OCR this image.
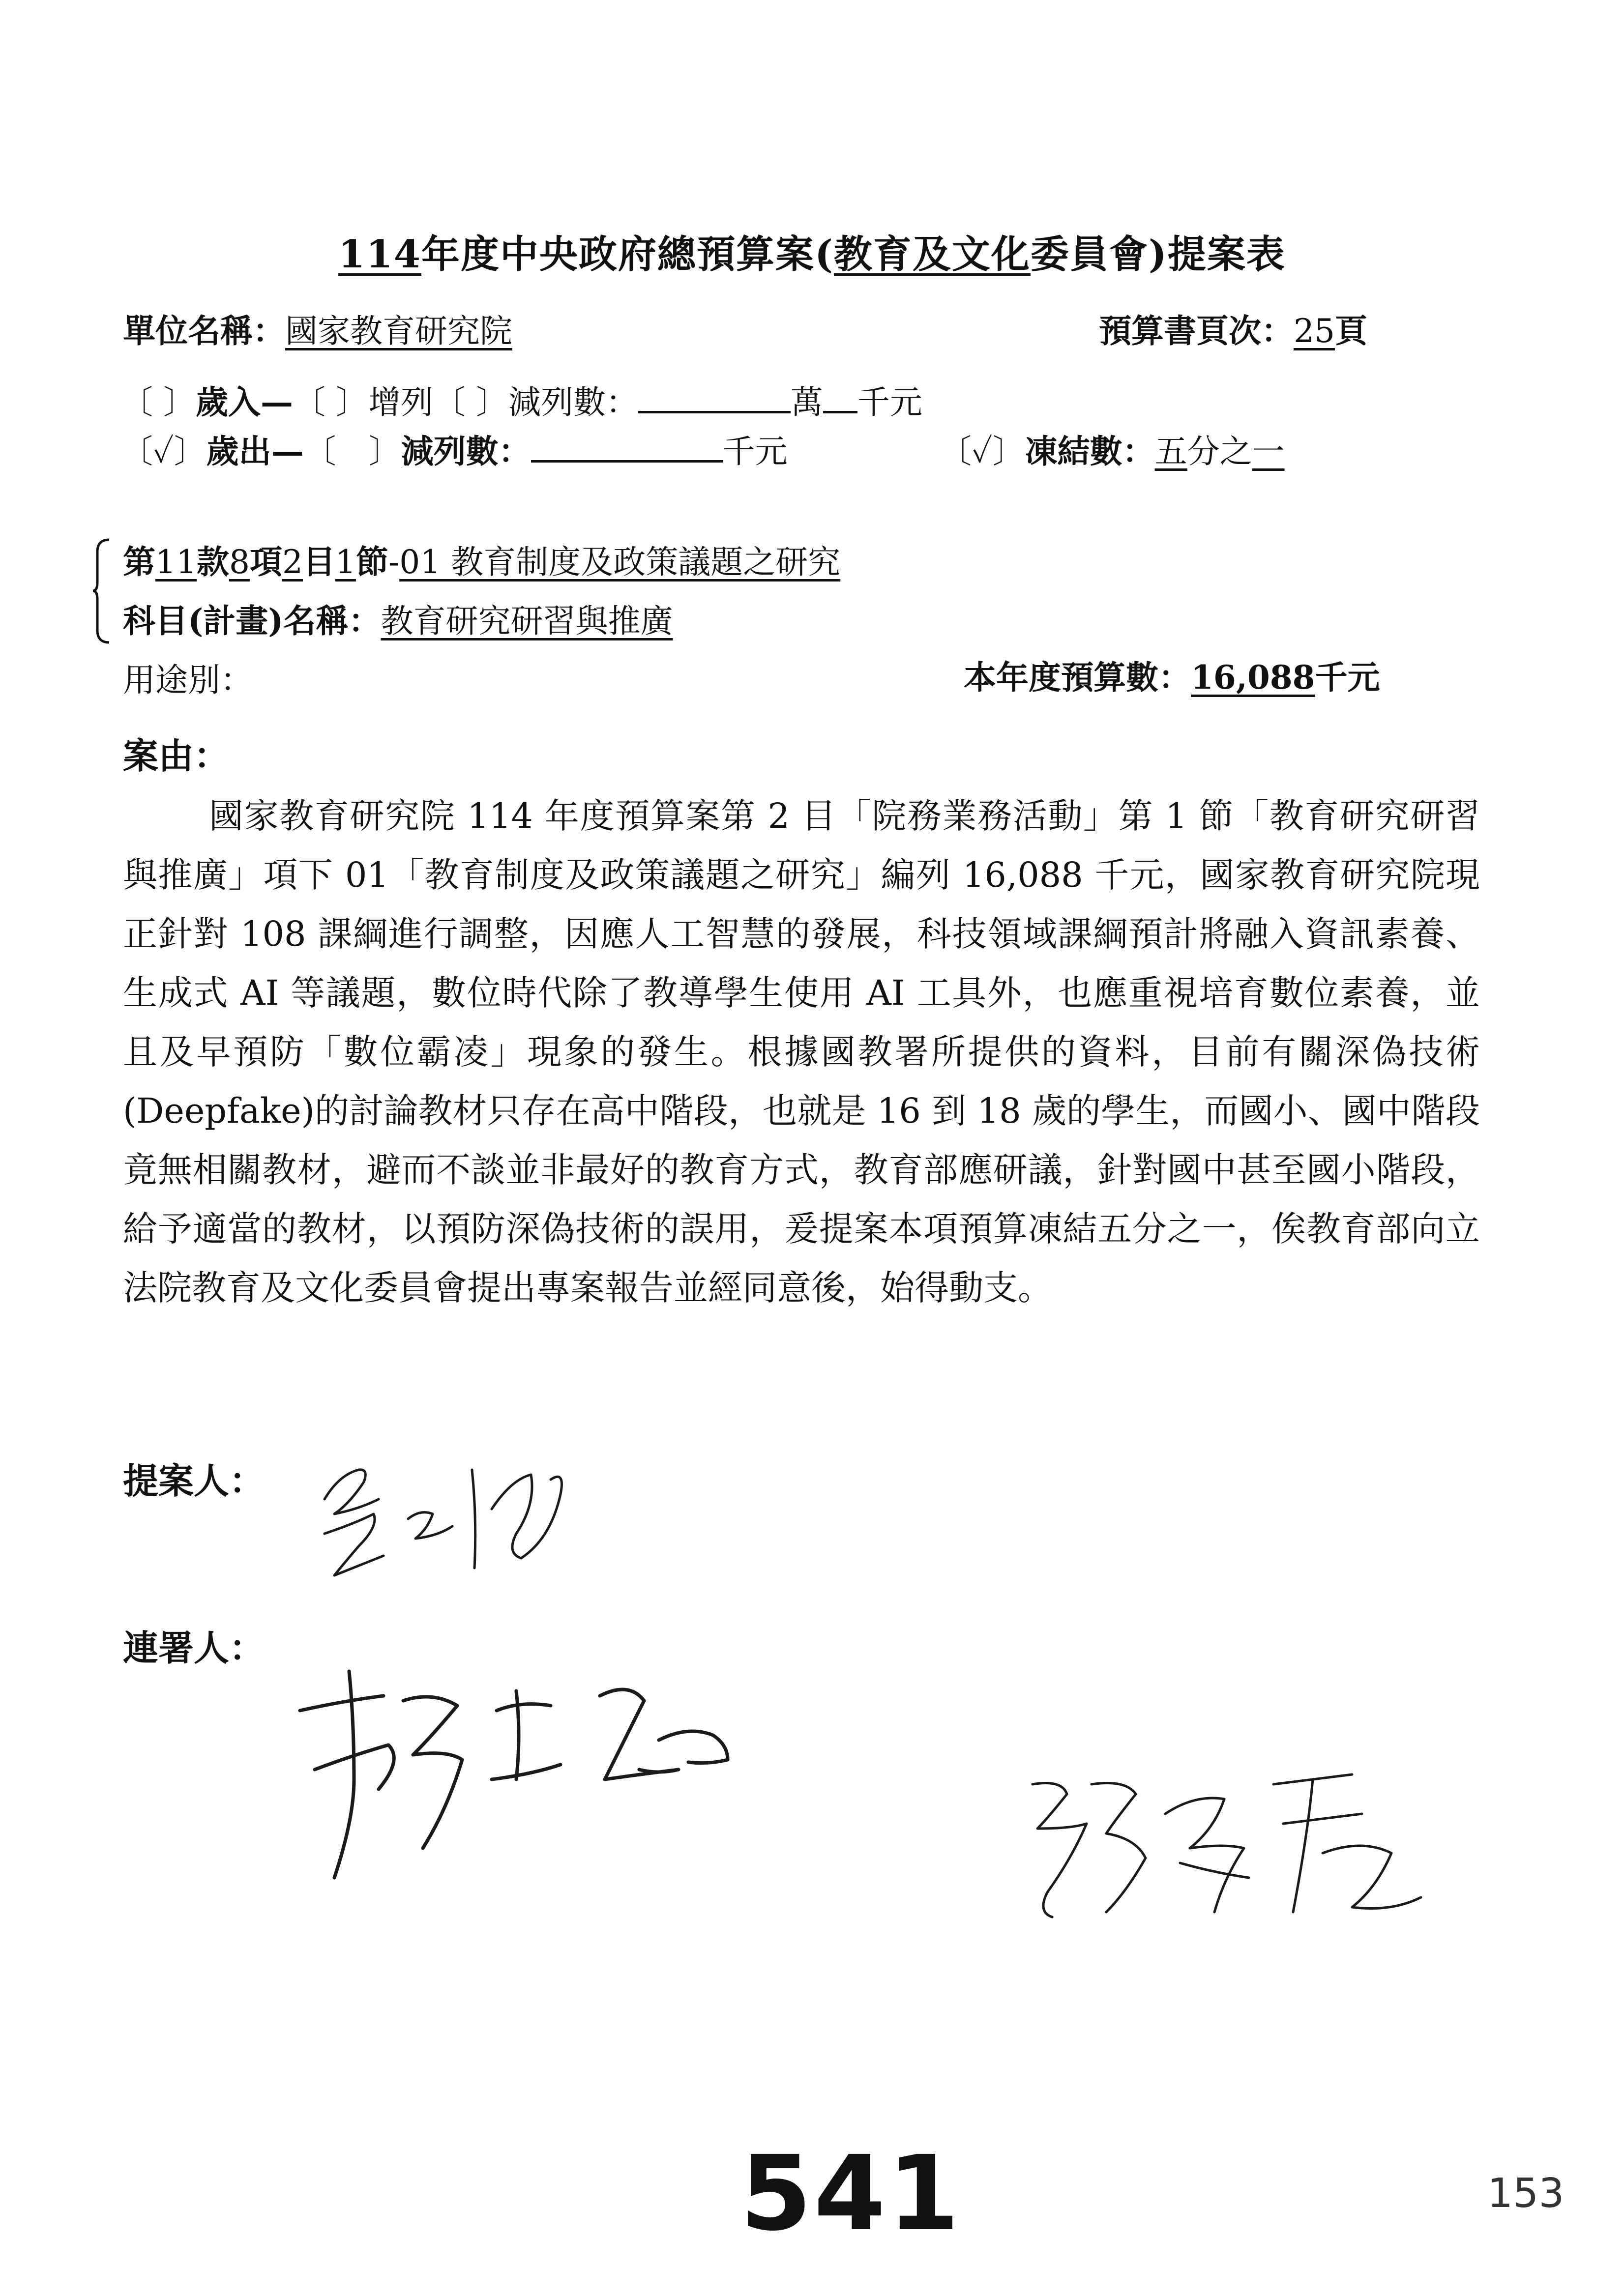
114年度中央政府總預算案(教育及文化委員會)提案表
單位名稱：國家教育研究院	預算書頁次：25頁
〔 〕歲入—〔 〕增列〔 〕減列數：	萬 千元
〔✓〕歲出—〔　〕減列數：	千元	〔✓〕凍結數：五分之一
第11款8項2目1節-01 教育制度及政策議題之研究
科目(計畫)名稱：教育研究研習與推廣
用途別：	本年度預算數：16,088千元
案由：
國家教育研究院 114 年度預算案第 2 目「院務業務活動」第 1 節「教育研究研習與推廣」項下 01「教育制度及政策議題之研究」編列 16,088 千元，國家教育研究院現正針對 108 課綱進行調整，因應人工智慧的發展，科技領域課綱預計將融入資訊素養、生成式 AI 等議題，數位時代除了教導學生使用 AI 工具外，也應重視培育數位素養，並且及早預防「數位霸凌」現象的發生。根據國教署所提供的資料，目前有關深偽技術(Deepfake)的討論教材只存在高中階段，也就是 16 到 18 歲的學生，而國小、國中階段竟無相關教材，避而不談並非最好的教育方式，教育部應研議，針對國中甚至國小階段，給予適當的教材，以預防深偽技術的誤用，爰提案本項預算凍結五分之一，俟教育部向立法院教育及文化委員會提出專案報告並經同意後，始得動支。
提案人：
連署人：
541	153
